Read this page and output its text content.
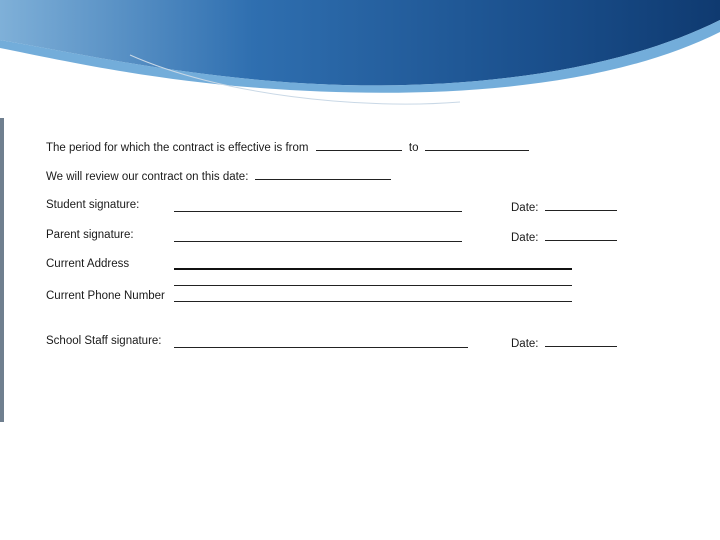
The period for which the contract is effective is from	to
We will review our contract on this date:
Student signature:	Date:
Parent signature:	Date:
Current Address
Current Phone Number
School Staff signature:	Date:
